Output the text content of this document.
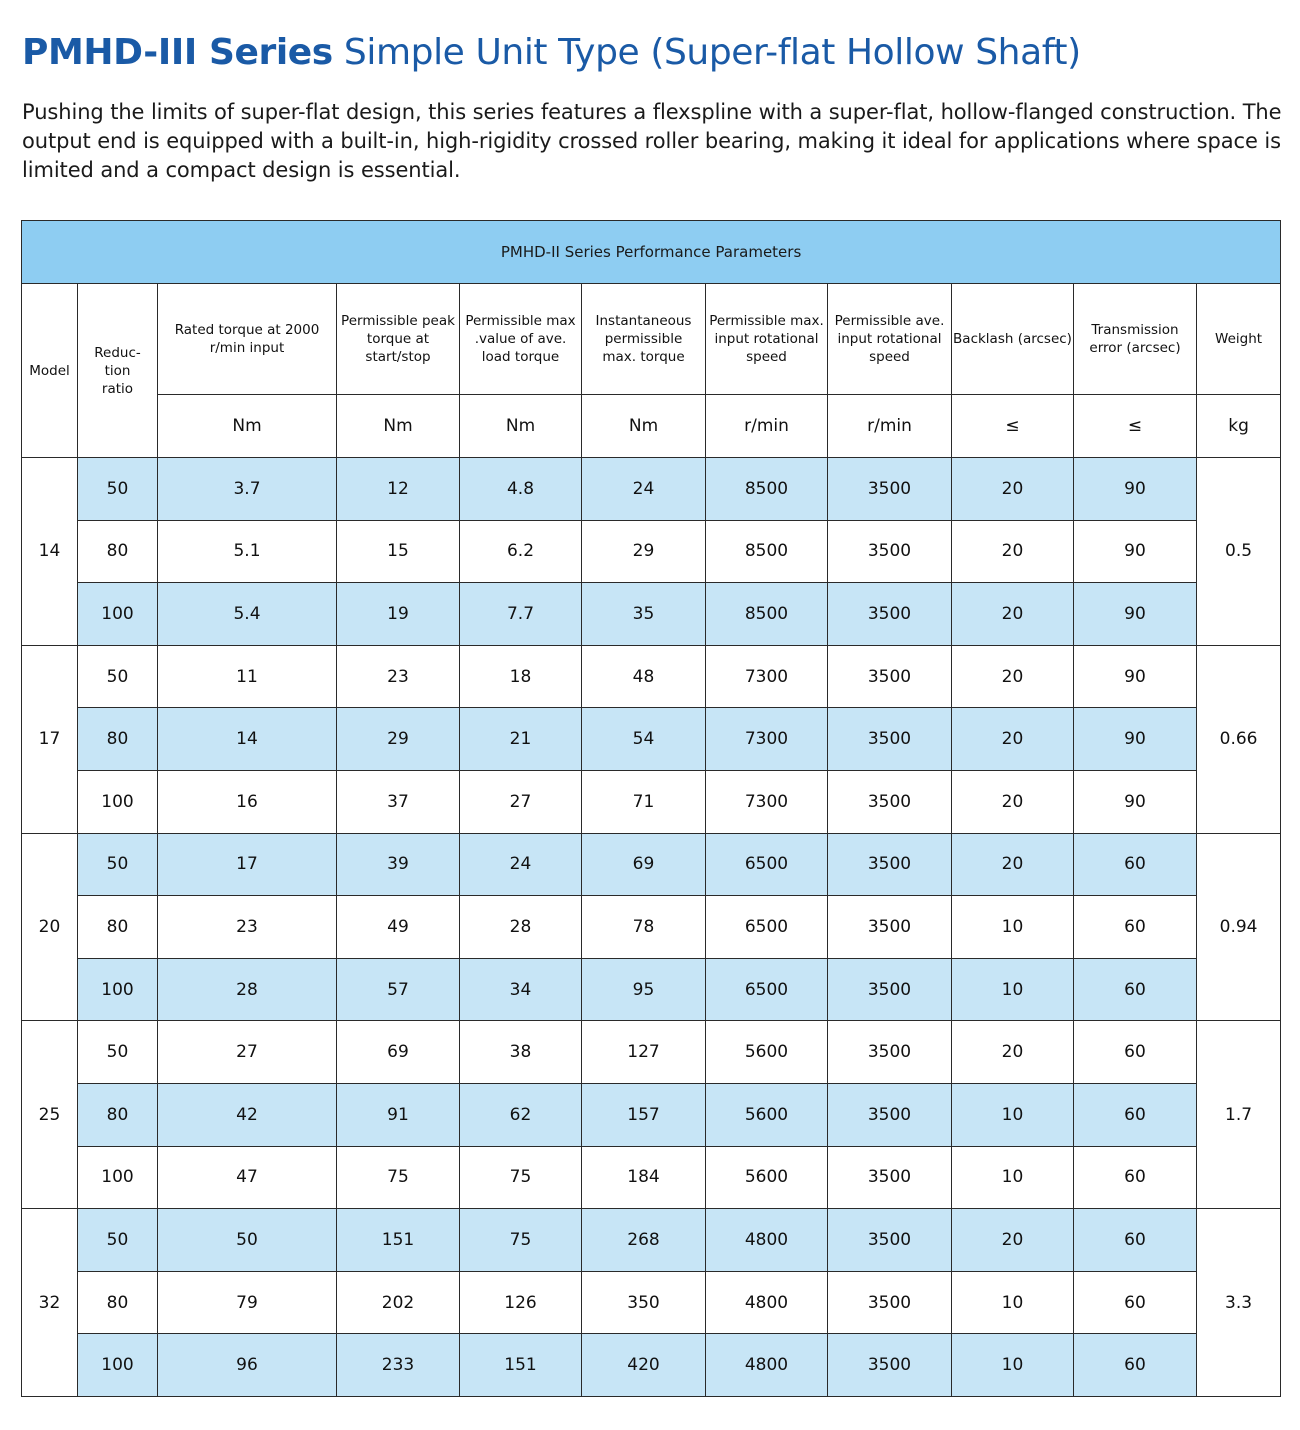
PMHD-III Series Simple Unit Type (Super-flat Hollow Shaft)

Pushing the limits of super-flat design, this series features a flexspline with a super-flat, hollow-flanged construction. The output end is equipped with a built-in, high-rigidity crossed roller bearing, making it ideal for applications where space is limited and a compact design is essential.

PMHD-II Series Performance Parameters										
Model	Reduc-tion ratio	Rated torque at 2000 r/min input	Permissible peak torque at start/stop	Permissible max .value of ave. load torque	Instantaneous permissible max. torque	Permissible max. input rotational speed	Permissible ave. input rotational speed	Backlash (arcsec)	Transmission error (arcsec)	Weight
		Nm	Nm	Nm	Nm	r/min	r/min	≤	≤	kg
14	50	3.7	12	4.8	24	8500	3500	20	90	0.5
	80	5.1	15	6.2	29	8500	3500	20	90	
	100	5.4	19	7.7	35	8500	3500	20	90	
17	50	11	23	18	48	7300	3500	20	90	0.66
	80	14	29	21	54	7300	3500	20	90	
	100	16	37	27	71	7300	3500	20	90	
20	50	17	39	24	69	6500	3500	20	60	0.94
	80	23	49	28	78	6500	3500	10	60	
	100	28	57	34	95	6500	3500	10	60	
25	50	27	69	38	127	5600	3500	20	60	1.7
	80	42	91	62	157	5600	3500	10	60	
	100	47	75	75	184	5600	3500	10	60	
32	50	50	151	75	268	4800	3500	20	60	3.3
	80	79	202	126	350	4800	3500	10	60	
	100	96	233	151	420	4800	3500	10	60	
